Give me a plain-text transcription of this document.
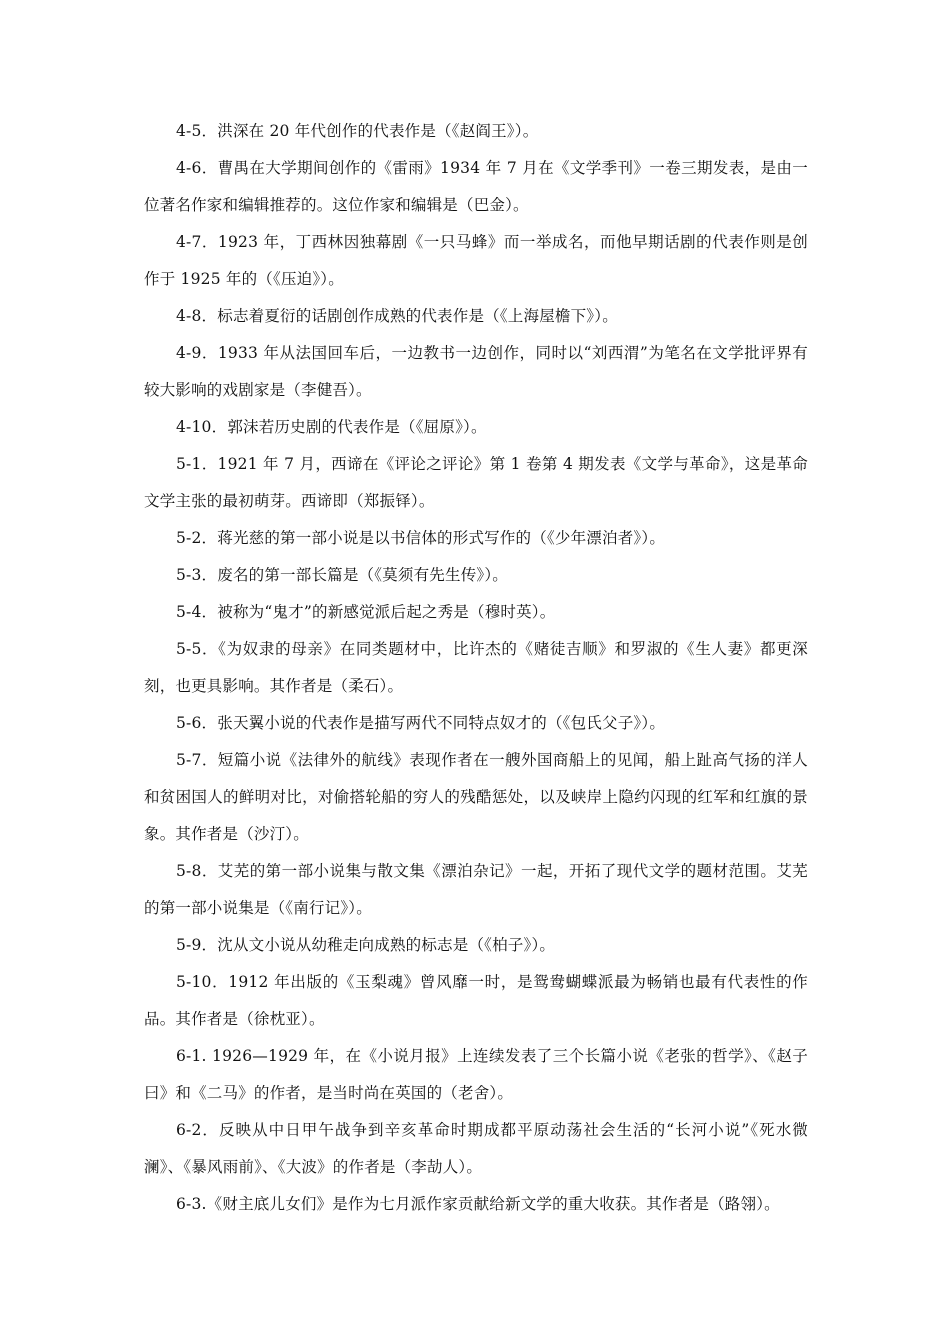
4-5．洪深在 20 年代创作的代表作是（《赵阎王》）。

4-6．曹禺在大学期间创作的《雷雨》1934 年 7 月在《文学季刊》一卷三期发表，是由一位著名作家和编辑推荐的。这位作家和编辑是（巴金）。

4-7．1923 年，丁西林因独幕剧《一只马蜂》而一举成名，而他早期话剧的代表作则是创作于 1925 年的（《压迫》）。

4-8．标志着夏衍的话剧创作成熟的代表作是（《上海屋檐下》）。

4-9．1933 年从法国回车后，一边教书一边创作，同时以“刘西渭”为笔名在文学批评界有较大影响的戏剧家是（李健吾）。

4-10．郭沫若历史剧的代表作是（《屈原》）。

5-1．1921 年 7 月，西谛在《评论之评论》第 1 卷第 4 期发表《文学与革命》，这是革命文学主张的最初萌芽。西谛即（郑振铎）。

5-2．蒋光慈的第一部小说是以书信体的形式写作的（《少年漂泊者》）。

5-3．废名的第一部长篇是（《莫须有先生传》）。

5-4．被称为“鬼才”的新感觉派后起之秀是（穆时英）。

5-5．《为奴隶的母亲》在同类题材中，比许杰的《赌徒吉顺》和罗淑的《生人妻》都更深刻，也更具影响。其作者是（柔石）。

5-6．张天翼小说的代表作是描写两代不同特点奴才的（《包氏父子》）。

5-7．短篇小说《法律外的航线》表现作者在一艘外国商船上的见闻，船上趾高气扬的洋人和贫困国人的鲜明对比，对偷搭轮船的穷人的残酷惩处，以及峡岸上隐约闪现的红军和红旗的景象。其作者是（沙汀）。

5-8．艾芜的第一部小说集与散文集《漂泊杂记》一起，开拓了现代文学的题材范围。艾芜的第一部小说集是（《南行记》）。

5-9．沈从文小说从幼稚走向成熟的标志是（《柏子》）。

5-10．1912 年出版的《玉梨魂》曾风靡一时，是鸳鸯蝴蝶派最为畅销也最有代表性的作品。其作者是（徐枕亚）。

6-1. 1926—1929 年，在《小说月报》上连续发表了三个长篇小说《老张的哲学》、《赵子曰》和《二马》的作者，是当时尚在英国的（老舍）。

6-2．反映从中日甲午战争到辛亥革命时期成都平原动荡社会生活的“长河小说”《死水微澜》、《暴风雨前》、《大波》的作者是（李劼人）。

6-3.《财主底儿女们》是作为七月派作家贡献给新文学的重大收获。其作者是（路翎）。
